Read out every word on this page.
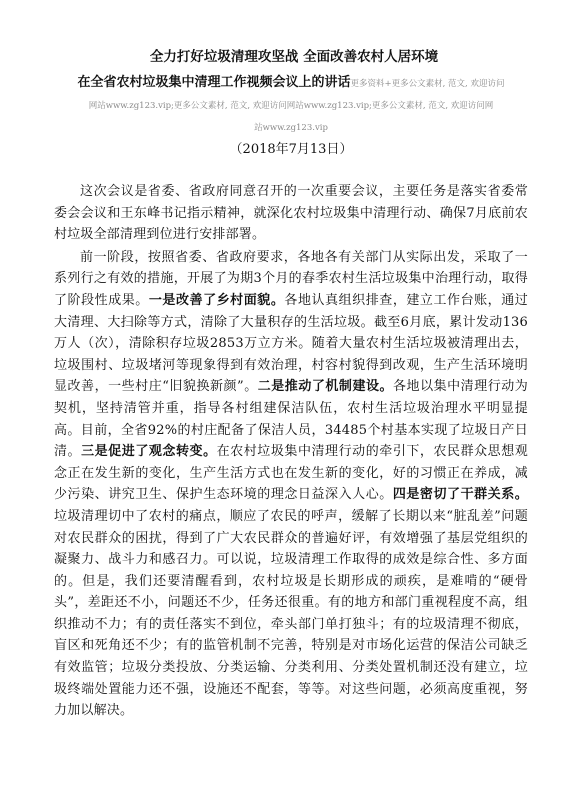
全力打好垃圾清理攻坚战 全面改善农村人居环境
在全省农村垃圾集中清理工作视频会议上的讲话更多资料+更多公文素材, 范文, 欢迎访问
网站www.zg123.vip;更多公文素材, 范文, 欢迎访问网站www.zg123.vip;更多公文素材, 范文, 欢迎访问网
站www.zg123.vip
（2018年7月13日）

这次会议是省委、省政府同意召开的一次重要会议，主要任务是落实省委常委会会议和王东峰书记指示精神，就深化农村垃圾集中清理行动、确保7月底前农村垃圾全部清理到位进行安排部署。

前一阶段，按照省委、省政府要求，各地各有关部门从实际出发，采取了一系列行之有效的措施，开展了为期3个月的春季农村生活垃圾集中治理行动，取得了阶段性成果。一是改善了乡村面貌。各地认真组织排查，建立工作台账，通过大清理、大扫除等方式，清除了大量积存的生活垃圾。截至6月底，累计发动136万人（次），清除积存垃圾2853万立方米。随着大量农村生活垃圾被清理出去，垃圾围村、垃圾堵河等现象得到有效治理，村容村貌得到改观，生产生活环境明显改善，一些村庄“旧貌换新颜”。二是推动了机制建设。各地以集中清理行动为契机，坚持清管并重，指导各村组建保洁队伍，农村生活垃圾治理水平明显提高。目前，全省92%的村庄配备了保洁人员，34485个村基本实现了垃圾日产日清。三是促进了观念转变。在农村垃圾集中清理行动的牵引下，农民群众思想观念正在发生新的变化，生产生活方式也在发生新的变化，好的习惯正在养成，减少污染、讲究卫生、保护生态环境的理念日益深入人心。四是密切了干群关系。垃圾清理切中了农村的痛点，顺应了农民的呼声，缓解了长期以来“脏乱差”问题对农民群众的困扰，得到了广大农民群众的普遍好评，有效增强了基层党组织的凝聚力、战斗力和感召力。可以说，垃圾清理工作取得的成效是综合性、多方面的。但是，我们还要清醒看到，农村垃圾是长期形成的顽疾，是难啃的“硬骨头”，差距还不小，问题还不少，任务还很重。有的地方和部门重视程度不高，组织推动不力；有的责任落实不到位，牵头部门单打独斗；有的垃圾清理不彻底，盲区和死角还不少；有的监管机制不完善，特别是对市场化运营的保洁公司缺乏有效监管；垃圾分类投放、分类运输、分类利用、分类处置机制还没有建立，垃圾终端处置能力还不强，设施还不配套，等等。对这些问题，必须高度重视，努力加以解决。
